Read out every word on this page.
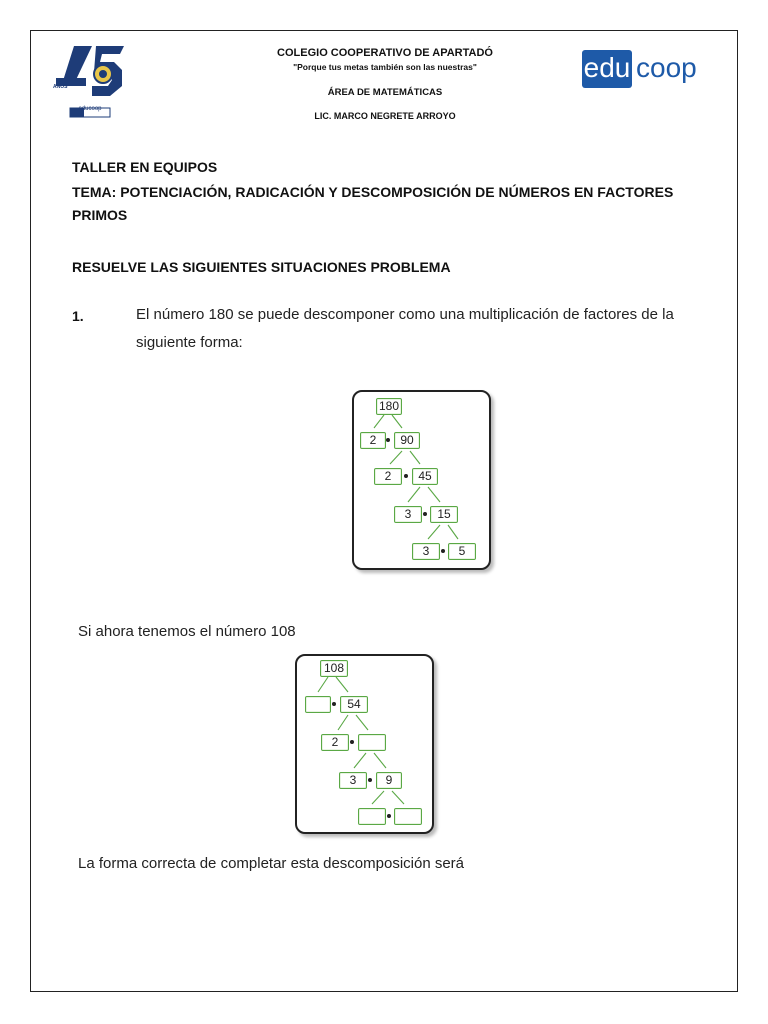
AÑOS
educoop
COLEGIO COOPERATIVO DE APARTADÓ
"Porque tus metas también son las nuestras"
ÁREA DE MATEMÁTICAS
LIC. MARCO NEGRETE ARROYO
edu coop
TALLER EN EQUIPOS
TEMA: POTENCIACIÓN, RADICACIÓN Y DESCOMPOSICIÓN DE NÚMEROS EN FACTORES
PRIMOS
RESUELVE LAS SIGUIENTES SITUACIONES PROBLEMA
1.	El número 180 se puede descomponer como una multiplicación de factores de la
siguiente forma:
180
2	90
2	45
3	15
3	5
Si ahora tenemos el número 108
108
54
2
3	9
La forma correcta de completar esta descomposición será
